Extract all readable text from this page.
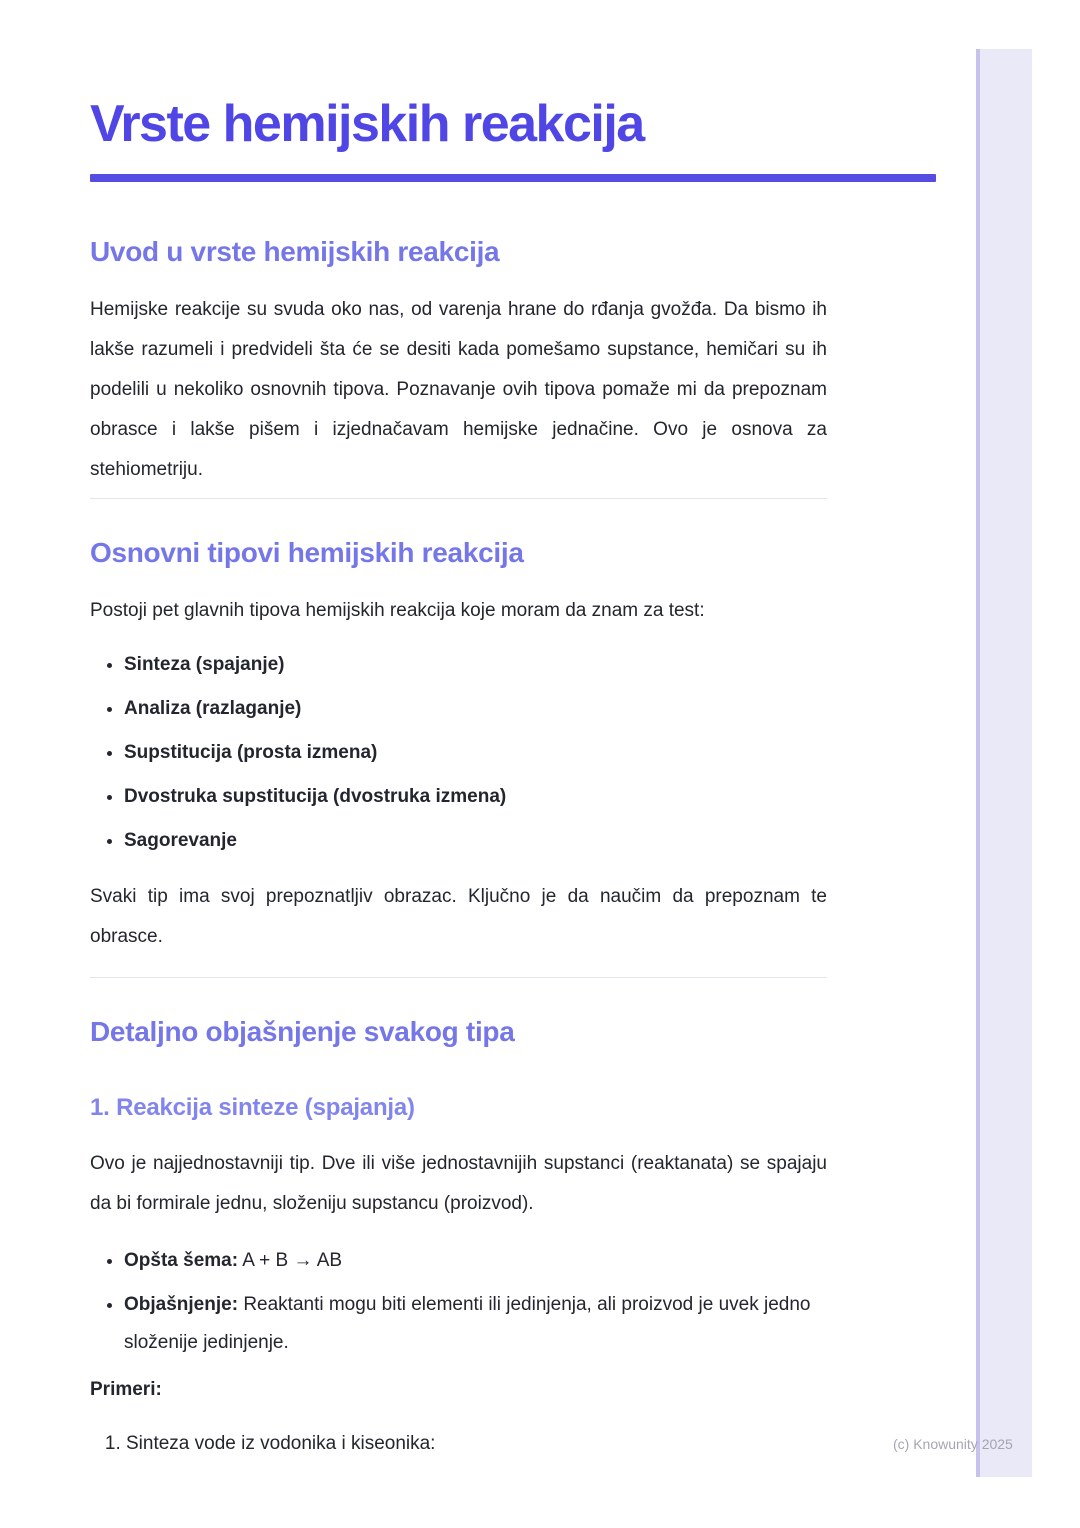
Vrste hemijskih reakcija
Uvod u vrste hemijskih reakcija

Hemijske reakcije su svuda oko nas, od varenja hrane do rđanja gvožđa. Da bismo ih lakše razumeli i predvideli šta će se desiti kada pomešamo supstance, hemičari su ih podelili u nekoliko osnovnih tipova. Poznavanje ovih tipova pomaže mi da prepoznam obrasce i lakše pišem i izjednačavam hemijske jednačine. Ovo je osnova za stehiometriju.

Osnovni tipovi hemijskih reakcija

Postoji pet glavnih tipova hemijskih reakcija koje moram da znam za test:

• Sinteza (spajanje)
• Analiza (razlaganje)
• Supstitucija (prosta izmena)
• Dvostruka supstitucija (dvostruka izmena)
• Sagorevanje

Svaki tip ima svoj prepoznatljiv obrazac. Ključno je da naučim da prepoznam te obrasce.

Detaljno objašnjenje svakog tipa
1. Reakcija sinteze (spajanja)

Ovo je najjednostavniji tip. Dve ili više jednostavnijih supstanci (reaktanata) se spajaju da bi formirale jednu, složeniju supstancu (proizvod).

• Opšta šema: A + B → AB
• Objašnjenje: Reaktanti mogu biti elementi ili jedinjenja, ali proizvod je uvek jedno složenije jedinjenje.

Primeri:

1. Sinteza vode iz vodonika i kiseonika:	(c) Knowunity 2025
